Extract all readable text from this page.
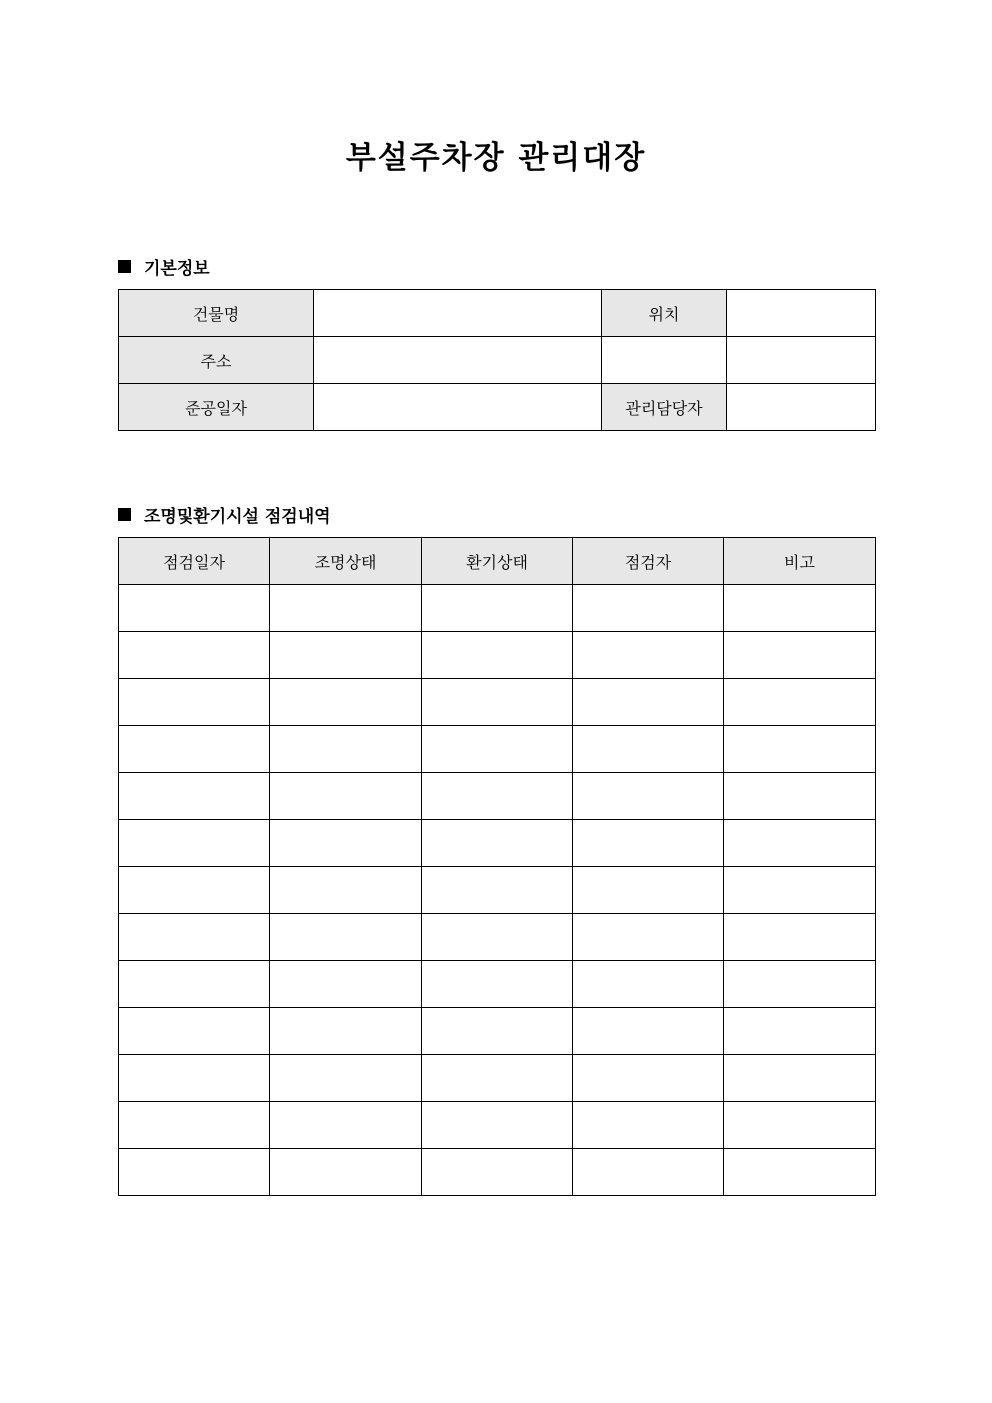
부설주차장 관리대장
기본정보
건물명		위치	
주소			
준공일자		관리담당자	
조명및환기시설 점검내역
점검일자	조명상태	환기상태	점검자	비고
